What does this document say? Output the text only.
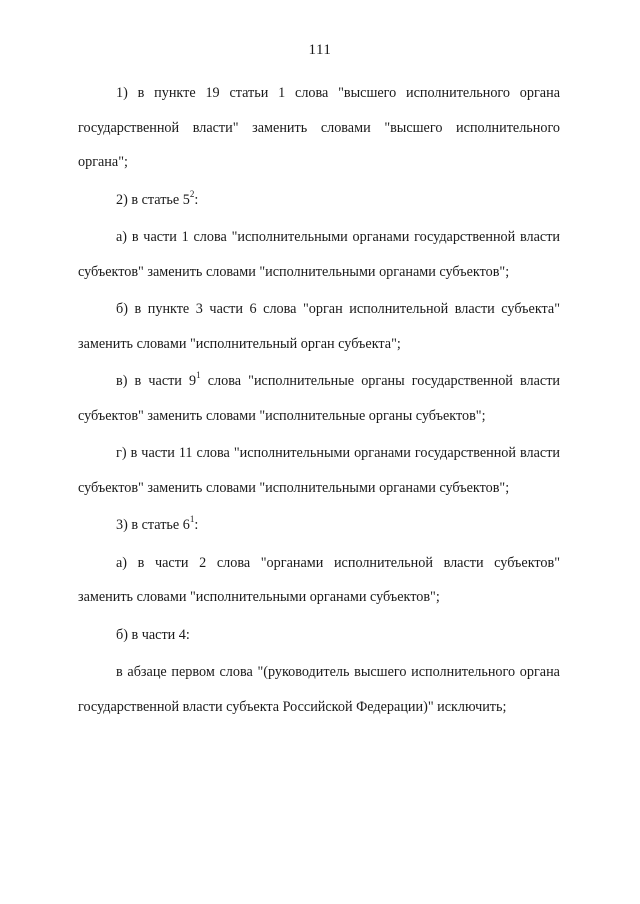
111

1) в пункте 19 статьи 1 слова "высшего исполнительного органа государственной власти" заменить словами "высшего исполнительного органа";

2) в статье $5^2$:

а) в части 1 слова "исполнительными органами государственной власти субъектов" заменить словами "исполнительными органами субъектов";

б) в пункте 3 части 6 слова "орган исполнительной власти субъекта" заменить словами "исполнительный орган субъекта";

в) в части $9^1$ слова "исполнительные органы государственной власти субъектов" заменить словами "исполнительные органы субъектов";

г) в части 11 слова "исполнительными органами государственной власти субъектов" заменить словами "исполнительными органами субъектов";

3) в статье $6^1$:

а) в части 2 слова "органами исполнительной власти субъектов" заменить словами "исполнительными органами субъектов";

б) в части 4:

в абзаце первом слова "(руководитель высшего исполнительного органа государственной власти субъекта Российской Федерации)" исключить;
